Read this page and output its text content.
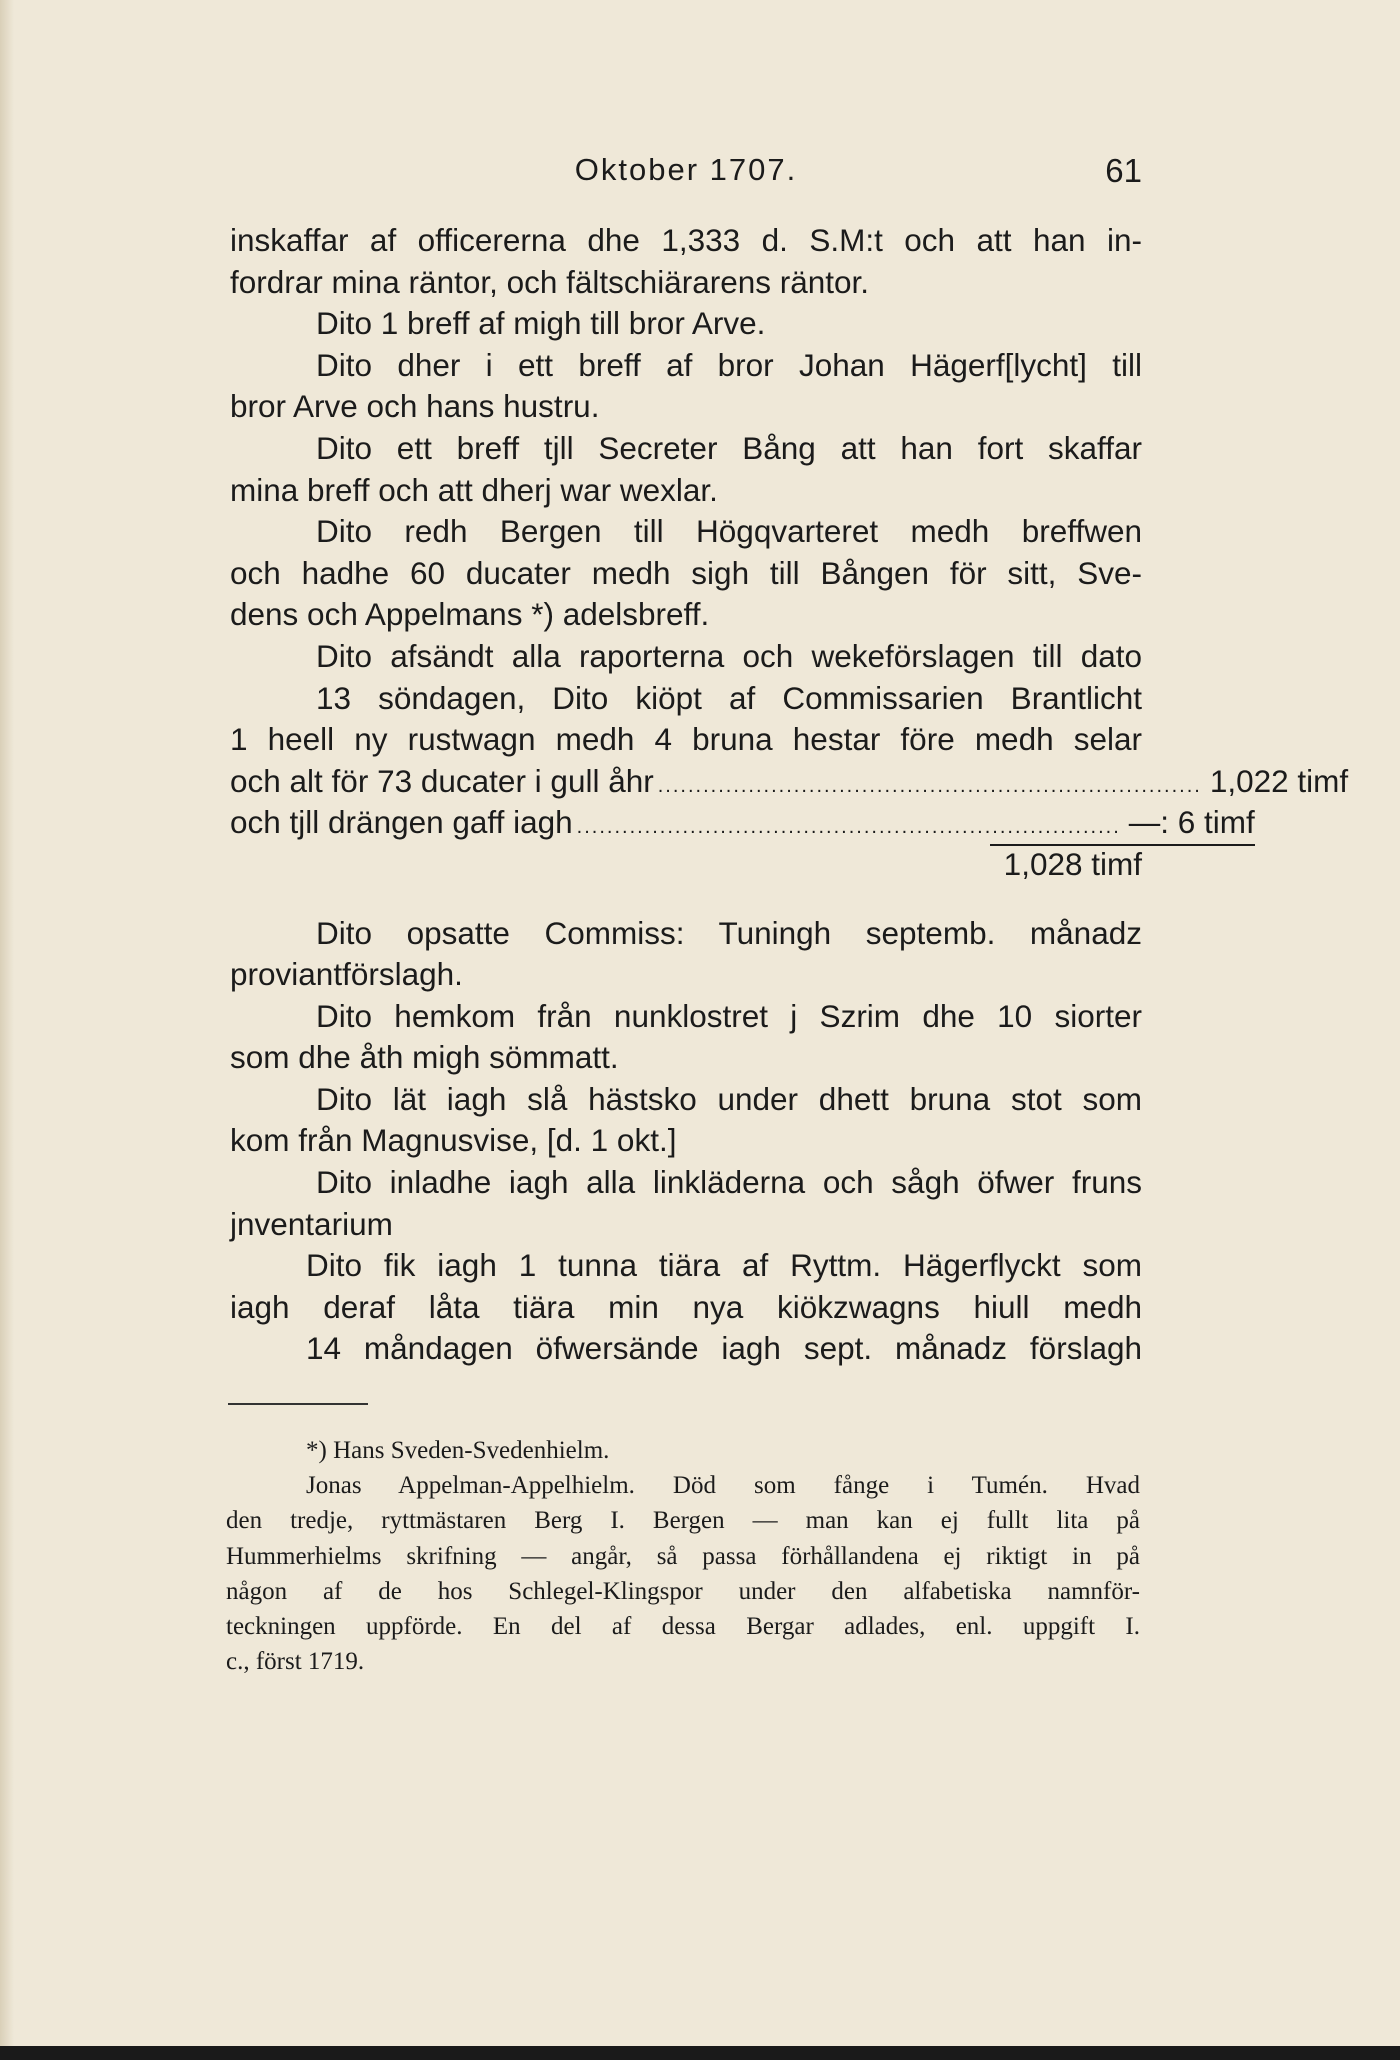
Oktober 1707.	61
inskaffar af officererna dhe 1,333 d. S.M:t och att han in-
fordrar mina räntor, och fältschiärarens räntor.
Dito 1 breff af migh till bror Arve.
Dito dher i ett breff af bror Johan Hägerf[lycht] till
bror Arve och hans hustru.
Dito ett breff tjll Secreter Bång att han fort skaffar
mina breff och att dherj war wexlar.
Dito redh Bergen till Högqvarteret medh breffwen
och hadhe 60 ducater medh sigh till Bången för sitt, Sve-
dens och Appelmans *) adelsbreff.
Dito afsändt alla raporterna och wekeförslagen till dato
13 söndagen, Dito kiöpt af Commissarien Brantlicht
1 heell ny rustwagn medh 4 bruna hestar före medh selar
och alt för 73 ducater i gull åhr ........................................................................ 1,022 timf
och tjll drängen gaff iagh ........................................................................ —: 6 timf
1,028 timf
Dito opsatte Commiss: Tuningh septemb. månadz
proviantförslagh.
Dito hemkom från nunklostret j Szrim dhe 10 siorter
som dhe åth migh sömmatt.
Dito lät iagh slå hästsko under dhett bruna stot som
kom från Magnusvise, [d. 1 okt.]
Dito inladhe iagh alla linkläderna och sågh öfwer fruns
jnventarium
Dito fik iagh 1 tunna tiära af Ryttm. Hägerflyckt som
iagh deraf låta tiära min nya kiökzwagns hiull medh
14 måndagen öfwersände iagh sept. månadz förslagh
*) Hans Sveden-Svedenhielm.
Jonas Appelman-Appelhielm. Död som fånge i Tumén. Hvad
den tredje, ryttmästaren Berg I. Bergen — man kan ej fullt lita på
Hummerhielms skrifning — angår, så passa förhållandena ej riktigt in på
någon af de hos Schlegel-Klingspor under den alfabetiska namnför-
teckningen uppförde. En del af dessa Bergar adlades, enl. uppgift I.
c., först 1719.
